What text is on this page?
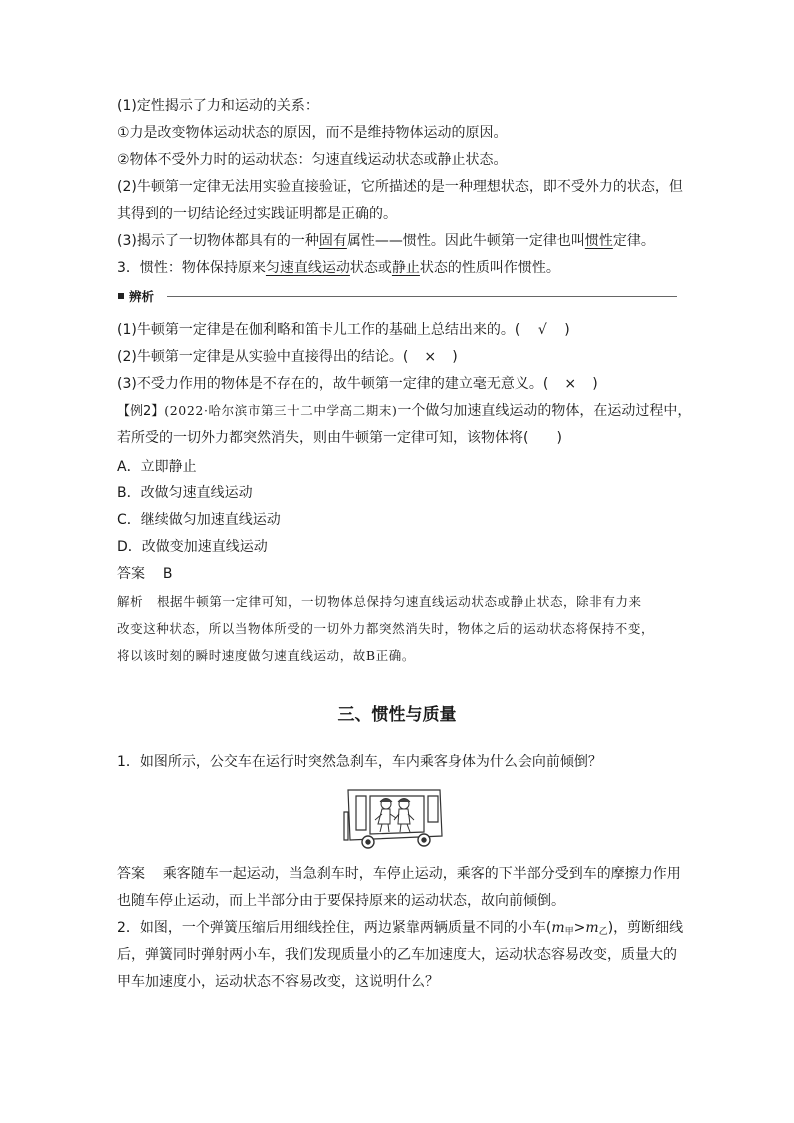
(1)定性揭示了力和运动的关系：
①力是改变物体运动状态的原因，而不是维持物体运动的原因。
②物体不受外力时的运动状态：匀速直线运动状态或静止状态。
(2)牛顿第一定律无法用实验直接验证，它所描述的是一种理想状态，即不受外力的状态，但
其得到的一切结论经过实践证明都是正确的。
(3)揭示了一切物体都具有的一种固有属性——惯性。因此牛顿第一定律也叫惯性定律。
3．惯性：物体保持原来匀速直线运动状态或静止状态的性质叫作惯性。
辨析
(1)牛顿第一定律是在伽利略和笛卡儿工作的基础上总结出来的。( √ )
(2)牛顿第一定律是从实验中直接得出的结论。( × )
(3)不受力作用的物体是不存在的，故牛顿第一定律的建立毫无意义。( × )
【例2】(2022·哈尔滨市第三十二中学高二期末)一个做匀加速直线运动的物体，在运动过程中，
若所受的一切外力都突然消失，则由牛顿第一定律可知，该物体将(　　)
A．立即静止
B．改做匀速直线运动
C．继续做匀加速直线运动
D．改做变加速直线运动
答案 B
解析 根据牛顿第一定律可知，一切物体总保持匀速直线运动状态或静止状态，除非有力来
改变这种状态，所以当物体所受的一切外力都突然消失时，物体之后的运动状态将保持不变，
将以该时刻的瞬时速度做匀速直线运动，故B正确。
三、惯性与质量
1．如图所示，公交车在运行时突然急刹车，车内乘客身体为什么会向前倾倒？
答案 乘客随车一起运动，当急刹车时，车停止运动，乘客的下半部分受到车的摩擦力作用
也随车停止运动，而上半部分由于要保持原来的运动状态，故向前倾倒。
2．如图，一个弹簧压缩后用细线拴住，两边紧靠两辆质量不同的小车$(m_甲>m_乙)$，剪断细线
后，弹簧同时弹射两小车，我们发现质量小的乙车加速度大，运动状态容易改变，质量大的
甲车加速度小，运动状态不容易改变，这说明什么？
